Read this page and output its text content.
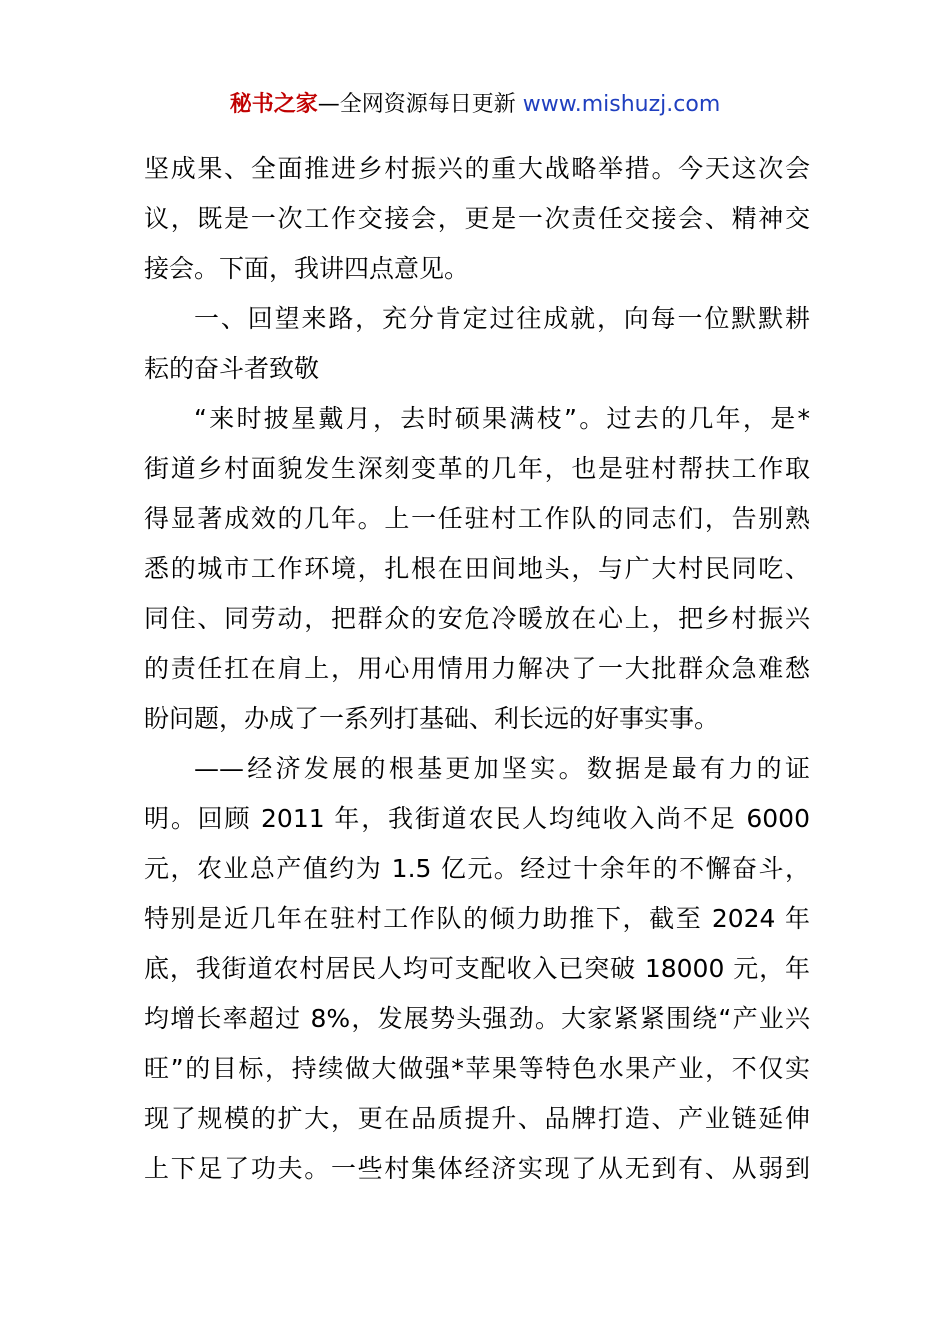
秘书之家—全网资源每日更新 www.mishuzj.com
坚成果、全面推进乡村振兴的重大战略举措。今天这次会
议，既是一次工作交接会，更是一次责任交接会、精神交
接会。下面，我讲四点意见。
一、回望来路，充分肯定过往成就，向每一位默默耕
耘的奋斗者致敬
“来时披星戴月，去时硕果满枝”。过去的几年，是*
街道乡村面貌发生深刻变革的几年，也是驻村帮扶工作取
得显著成效的几年。上一任驻村工作队的同志们，告别熟
悉的城市工作环境，扎根在田间地头，与广大村民同吃、
同住、同劳动，把群众的安危冷暖放在心上，把乡村振兴
的责任扛在肩上，用心用情用力解决了一大批群众急难愁
盼问题，办成了一系列打基础、利长远的好事实事。
——经济发展的根基更加坚实。数据是最有力的证
明。回顾 2011 年，我街道农民人均纯收入尚不足 6000
元，农业总产值约为 1.5 亿元。经过十余年的不懈奋斗，
特别是近几年在驻村工作队的倾力助推下，截至 2024 年
底，我街道农村居民人均可支配收入已突破 18000 元，年
均增长率超过 8%，发展势头强劲。大家紧紧围绕“产业兴
旺”的目标，持续做大做强*苹果等特色水果产业，不仅实
现了规模的扩大，更在品质提升、品牌打造、产业链延伸
上下足了功夫。一些村集体经济实现了从无到有、从弱到
